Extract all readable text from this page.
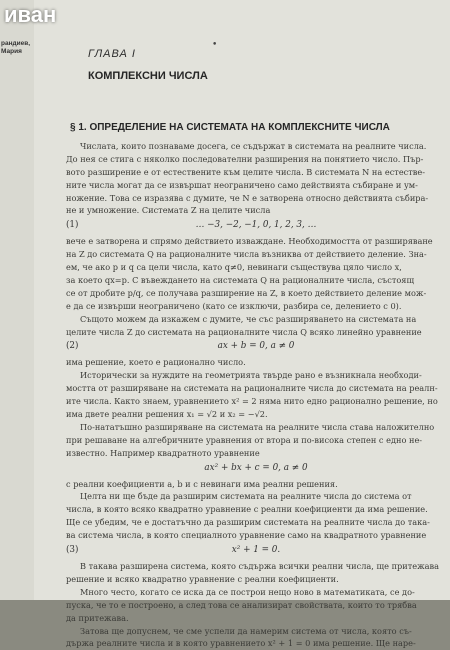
иван
рандиев,
Мария
•
ГЛАВА I
КОМПЛЕКСНИ ЧИСЛА
§ 1. ОПРЕДЕЛЕНИЕ НА СИСТЕМАТА НА КОМПЛЕКСНИТЕ ЧИСЛА
Числата, които познаваме досега, се съдържат в системата на реалните числа.
До нея се стига с няколко последователни разширения на понятието число. Пър-
вото разширение е от естествените към целите числа. В системата N на естестве-
ните числа могат да се извършат неограничено само действията събиране и ум-
ножение. Това се изразява с думите, че N е затворена относно действията събира-
не и умножение. Системата Z на целите числа
(1)	… −3, −2, −1, 0, 1, 2, 3, …
вече е затворена и спрямо действието изваждане. Необходимостта от разширяване
на Z до системата Q на рационалните числа възниква от действието деление. Зна-
ем, че ако p и q са цели числа, като q≠0, невинаги съществува цяло число x,
за което qx=p. С въвеждането на системата Q на рационалните числа, състоящ
се от дробите p/q, се получава разширение на Z, в което действието деление мож-
е да се извърши неограничено (като се изключи, разбира се, делението с 0).
Същото можем да изкажем с думите, че със разширяването на системата на
целите числа Z до системата на рационалните числа Q всяко линейно уравнение
(2)	ax + b = 0, a ≠ 0
има решение, което е рационално число.
Исторически за нуждите на геометрията твърде рано е възникнала необходи-
мостта от разширяване на системата на рационалните числа до системата на реалн-
ите числа. Както знаем, уравнението x² = 2 няма нито едно рационално решение, но
има двете реални решения x₁ = √2 и x₂ = −√2.
По-нататъшно разширяване на системата на реалните числа става наложително
при решаване на алгебричните уравнения от втора и по-висока степен с едно не-
известно. Например квадратното уравнение
ax² + bx + c = 0, a ≠ 0
с реални коефициенти a, b и c невинаги има реални решения.
Целта ни ще бъде да разширим системата на реалните числа до система от
числа, в която всяко квадратно уравнение с реални коефициенти да има решение.
Ще се убедим, че е достатъчно да разширим системата на реалните числа до така-
ва система числа, в която специалното уравнение само на квадратното уравнение
(3)	x² + 1 = 0.
В такава разширена система, която съдържа всички реални числа, ще притежава
решение и всяко квадратно уравнение с реални коефициенти.
Много често, когато се иска да се построи нещо ново в математиката, се до-
пуска, че то е построено, а след това се анализират свойствата, които то трябва
да притежава.
Затова ще допуснем, че сме успели да намерим система от числа, която съ-
държа реалните числа и в която уравнението x² + 1 = 0 има решение. Ще наре-
